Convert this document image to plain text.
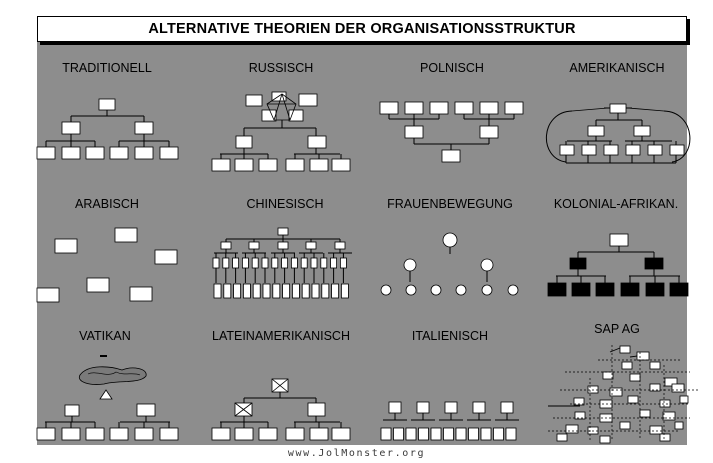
ALTERNATIVE THEORIEN DER ORGANISATIONSSTRUKTUR
TRADITIONELL	RUSSISCH	POLNISCH	AMERIKANISCH
ARABISCH	CHINESISCH	FRAUENBEWEGUNG	KOLONIAL-AFRIKAN.
VATIKAN	LATEINAMERIKANISCH	ITALIENISCH	SAP AG
www.JolMonster.org
